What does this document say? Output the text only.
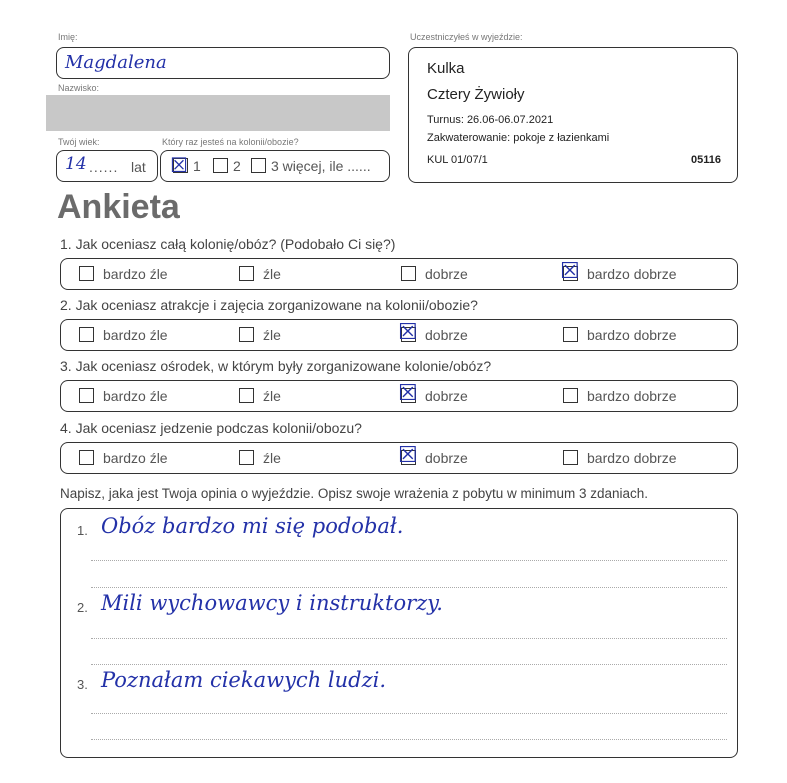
Imię:
Magdalena
Nazwisko:
Twój wiek:
14 ...... lat
Który raz jesteś na kolonii/obozie?
☒ 1 2 3 więcej, ile ......
Uczestniczyłeś w wyjeździe:
Kulka
Cztery Żywioły
Turnus: 26.06-06.07.2021
Zakwaterowanie: pokoje z łazienkami
KUL 01/07/1	05116
Ankieta
1. Jak oceniasz całą kolonię/obóz? (Podobało Ci się?)
bardzo źle	źle	dobrze	☒ bardzo dobrze
2. Jak oceniasz atrakcje i zajęcia zorganizowane na kolonii/obozie?
bardzo źle	źle	☒ dobrze	bardzo dobrze
3. Jak oceniasz ośrodek, w którym były zorganizowane kolonie/obóz?
bardzo źle	źle	☒ dobrze	bardzo dobrze
4. Jak oceniasz jedzenie podczas kolonii/obozu?
bardzo źle	źle	☒ dobrze	bardzo dobrze
Napisz, jaka jest Twoja opinia o wyjeździe. Opisz swoje wrażenia z pobytu w minimum 3 zdaniach.
1. Obóz bardzo mi się podobał.
2. Mili wychowawcy i instruktorzy.
3. Poznałam ciekawych ludzi.
